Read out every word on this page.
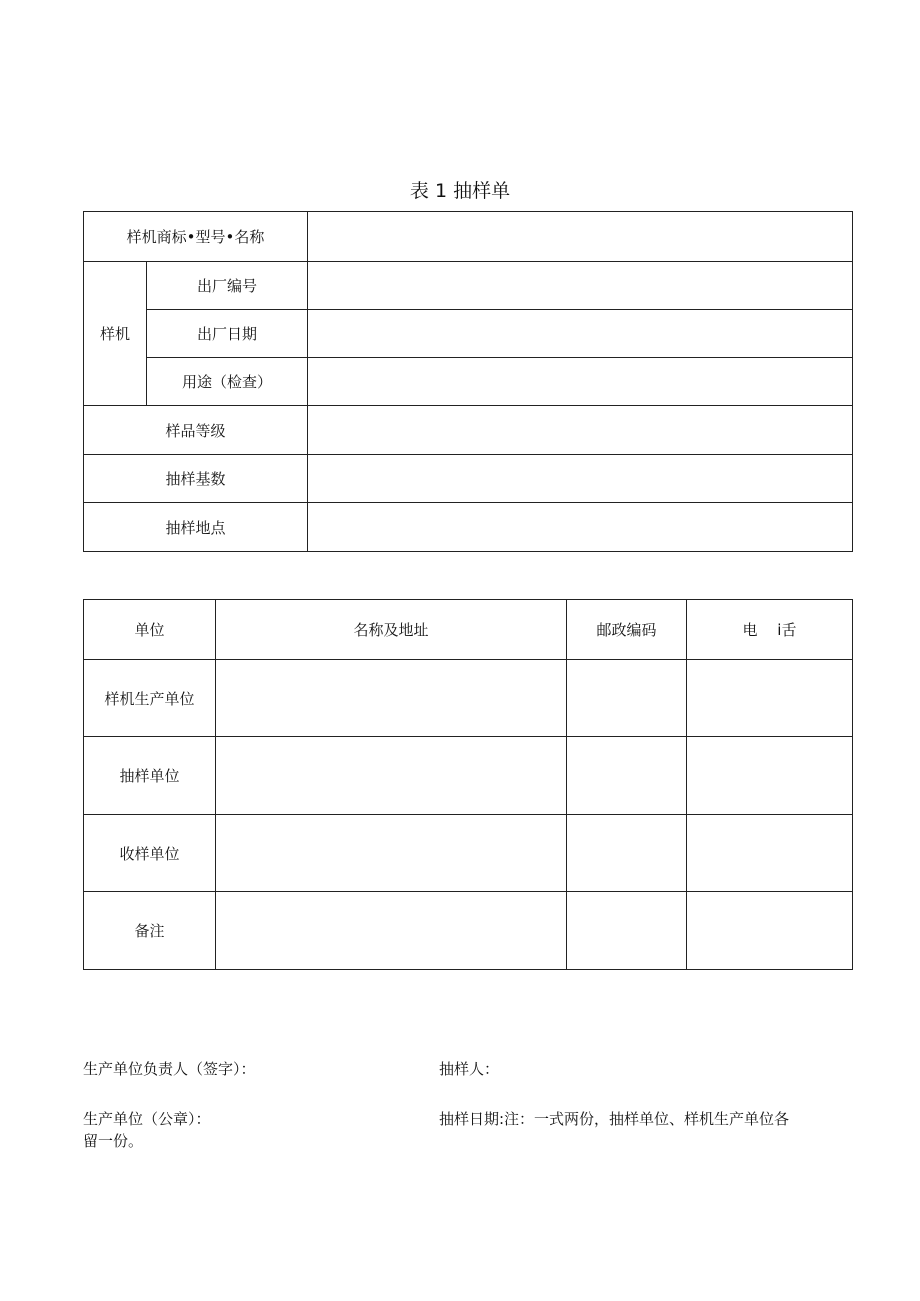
表 1 抽样单
样机商标•型号•名称		
样机	出厂编号	
	出厂日期	
	用途（检查）	
样品等级		
抽样基数		
抽样地点		
单位	名称及地址	邮政编码	电　 i舌
样机生产单位			
抽样单位			
收样单位			
备注			
生产单位负责人（签字）：	抽样人：
生产单位（公章）：	抽样日期:注：一式两份，抽样单位、样机生产单位各
留一份。
